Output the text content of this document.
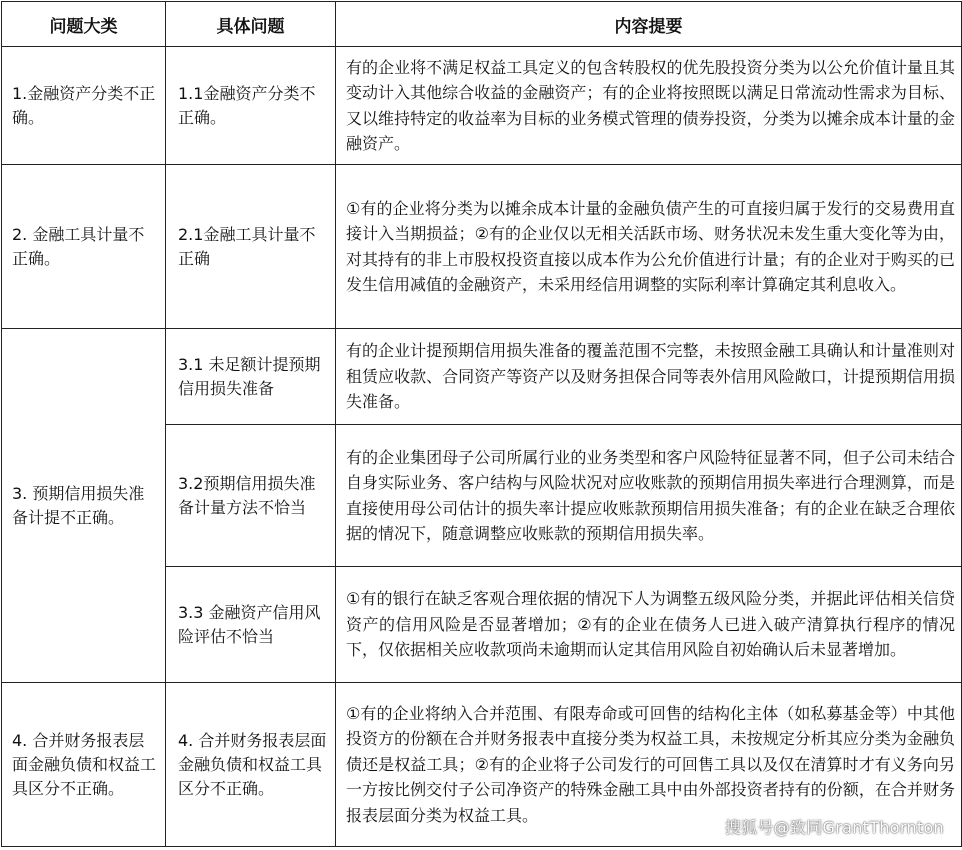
问题大类	具体问题	内容提要
1.金融资产分类不正确。	1.1金融资产分类不正确。	有的企业将不满足权益工具定义的包含转股权的优先股投资分类为以公允价值计量且其变动计入其他综合收益的金融资产；有的企业将按照既以满足日常流动性需求为目标、又以维持特定的收益率为目标的业务模式管理的债券投资，分类为以摊余成本计量的金融资产。
2. 金融工具计量不正确。	2.1金融工具计量不正确	①有的企业将分类为以摊余成本计量的金融负债产生的可直接归属于发行的交易费用直接计入当期损益；②有的企业仅以无相关活跃市场、财务状况未发生重大变化等为由，对其持有的非上市股权投资直接以成本作为公允价值进行计量；有的企业对于购买的已发生信用减值的金融资产，未采用经信用调整的实际利率计算确定其利息收入。
3. 预期信用损失准备计提不正确。	3.1 未足额计提预期信用损失准备	有的企业计提预期信用损失准备的覆盖范围不完整，未按照金融工具确认和计量准则对租赁应收款、合同资产等资产以及财务担保合同等表外信用风险敞口，计提预期信用损失准备。
	3.2预期信用损失准备计量方法不恰当	有的企业集团母子公司所属行业的业务类型和客户风险特征显著不同，但子公司未结合自身实际业务、客户结构与风险状况对应收账款的预期信用损失率进行合理测算，而是直接使用母公司估计的损失率计提应收账款预期信用损失准备；有的企业在缺乏合理依据的情况下，随意调整应收账款的预期信用损失率。
	3.3 金融资产信用风险评估不恰当	①有的银行在缺乏客观合理依据的情况下人为调整五级风险分类，并据此评估相关信贷资产的信用风险是否显著增加；②有的企业在债务人已进入破产清算执行程序的情况下，仅依据相关应收款项尚未逾期而认定其信用风险自初始确认后未显著增加。
4. 合并财务报表层面金融负债和权益工具区分不正确。	4. 合并财务报表层面金融负债和权益工具区分不正确。	①有的企业将纳入合并范围、有限寿命或可回售的结构化主体（如私募基金等）中其他投资方的份额在合并财务报表中直接分类为权益工具，未按规定分析其应分类为金融负债还是权益工具；②有的企业将子公司发行的可回售工具以及仅在清算时才有义务向另一方按比例交付子公司净资产的特殊金融工具中由外部投资者持有的份额，在合并财务报表层面分类为权益工具。
搜狐号@致同GrantThornton
